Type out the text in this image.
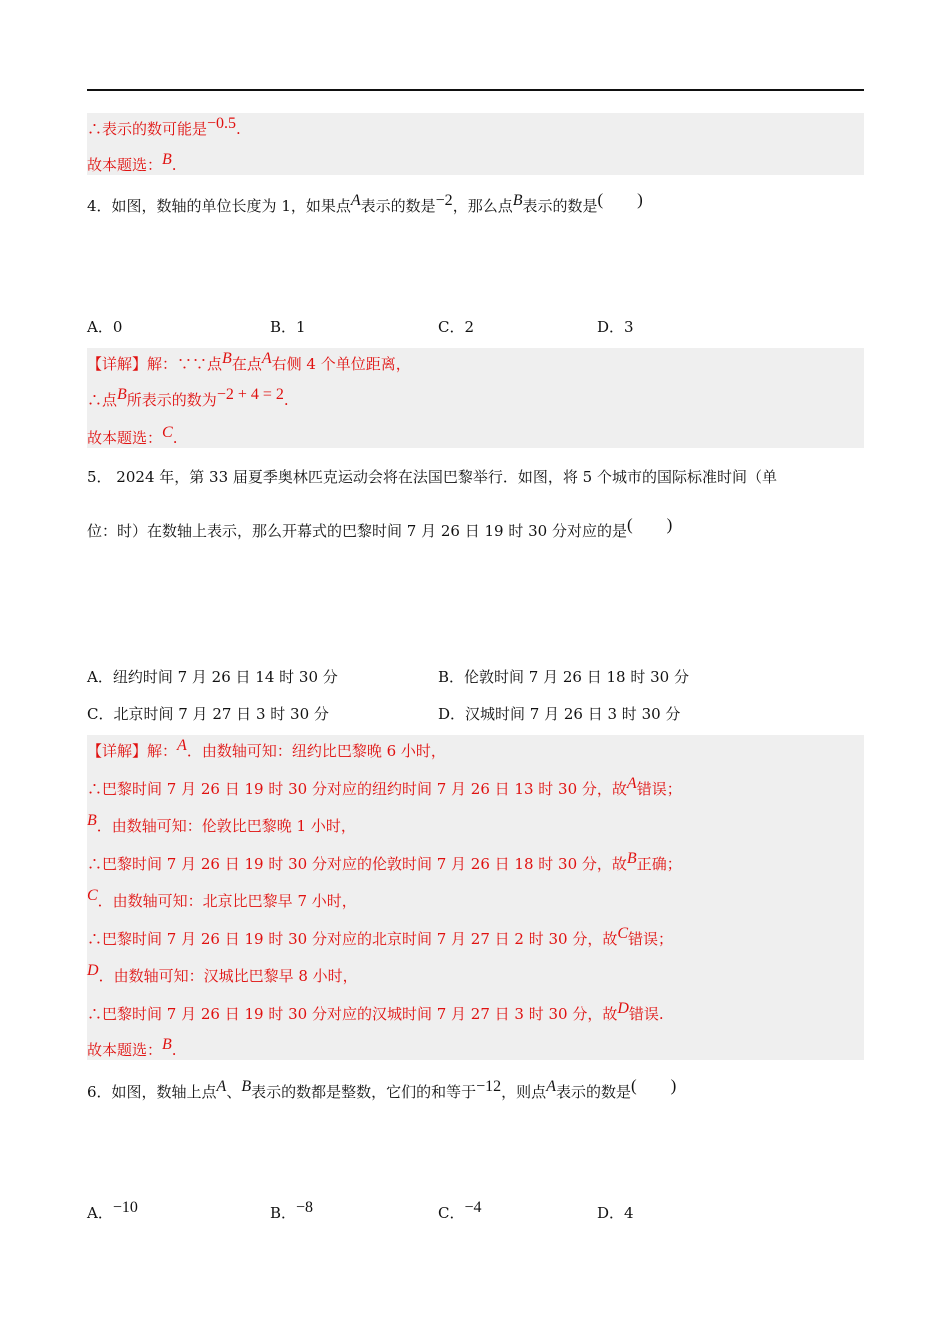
∴表示的数可能是−0.5.
故本题选：B.
4．如图，数轴的单位长度为 1，如果点A表示的数是−2，那么点B表示的数是( )
A．0	B．1	C．2	D．3
【详解】解：∵∵点B在点A右侧 4 个单位距离，
∴点B所表示的数为−2 + 4 = 2.
故本题选：C.
5． 2024 年，第 33 届夏季奥林匹克运动会将在法国巴黎举行．如图，将 5 个城市的国际标准时间（单
位：时）在数轴上表示，那么开幕式的巴黎时间 7 月 26 日 19 时 30 分对应的是( )
A．纽约时间 7 月 26 日 14 时 30 分	B．伦敦时间 7 月 26 日 18 时 30 分
C．北京时间 7 月 27 日 3 时 30 分	D．汉城时间 7 月 26 日 3 时 30 分
【详解】解：A．由数轴可知：纽约比巴黎晚 6 小时，
∴巴黎时间 7 月 26 日 19 时 30 分对应的纽约时间 7 月 26 日 13 时 30 分，故A错误；
B．由数轴可知：伦敦比巴黎晚 1 小时，
∴巴黎时间 7 月 26 日 19 时 30 分对应的伦敦时间 7 月 26 日 18 时 30 分，故B正确；
C．由数轴可知：北京比巴黎早 7 小时，
∴巴黎时间 7 月 26 日 19 时 30 分对应的北京时间 7 月 27 日 2 时 30 分，故C错误；
D．由数轴可知：汉城比巴黎早 8 小时，
∴巴黎时间 7 月 26 日 19 时 30 分对应的汉城时间 7 月 27 日 3 时 30 分，故D错误.
故本题选：B.
6．如图，数轴上点A、B表示的数都是整数，它们的和等于−12，则点A表示的数是( )
A．−10	B．−8	C．−4	D．4
